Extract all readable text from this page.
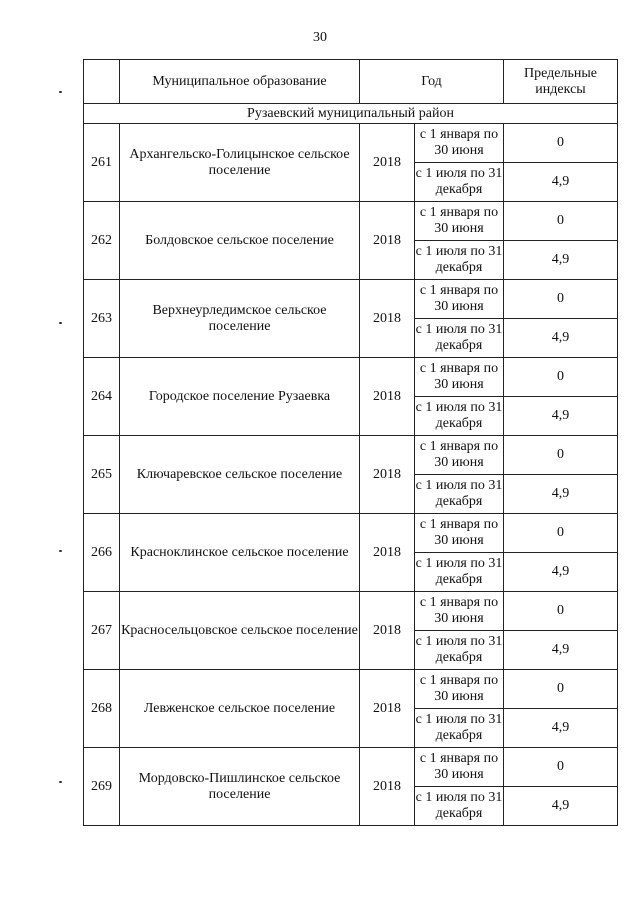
30
	Муниципальное образование	Год		Предельные индексы
Рузаевский муниципальный район				
261	Архангельско-Голицынское сельское поселение	2018	с 1 января по 30 июня	0
			с 1 июля по 31 декабря	4,9
262	Болдовское сельское поселение	2018	с 1 января по 30 июня	0
			с 1 июля по 31 декабря	4,9
263	Верхнеурледимское сельское поселение	2018	с 1 января по 30 июня	0
			с 1 июля по 31 декабря	4,9
264	Городское поселение Рузаевка	2018	с 1 января по 30 июня	0
			с 1 июля по 31 декабря	4,9
265	Ключаревское сельское поселение	2018	с 1 января по 30 июня	0
			с 1 июля по 31 декабря	4,9
266	Красноклинское сельское поселение	2018	с 1 января по 30 июня	0
			с 1 июля по 31 декабря	4,9
267	Красносельцовское сельское поселение	2018	с 1 января по 30 июня	0
			с 1 июля по 31 декабря	4,9
268	Левженское сельское поселение	2018	с 1 января по 30 июня	0
			с 1 июля по 31 декабря	4,9
269	Мордовско-Пишлинское сельское поселение	2018	с 1 января по 30 июня	0
			с 1 июля по 31 декабря	4,9
